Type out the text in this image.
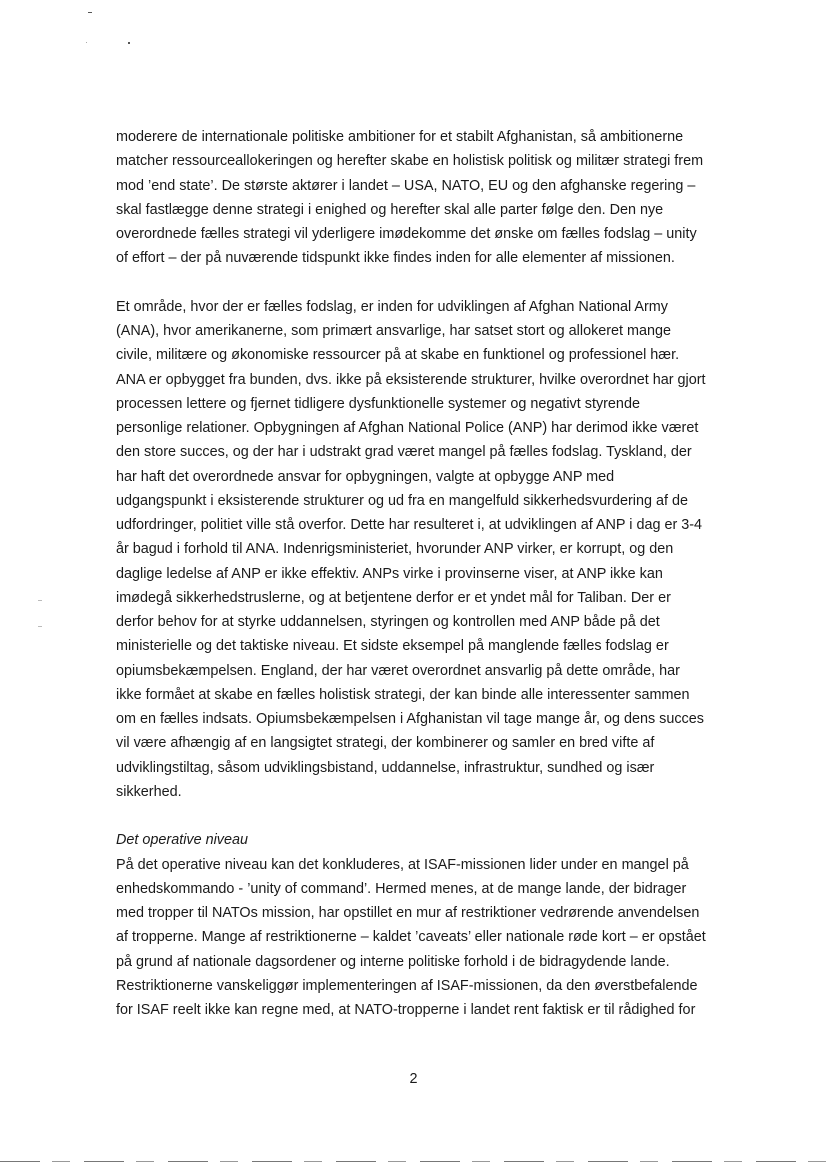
moderere de internationale politiske ambitioner for et stabilt Afghanistan, så ambitionerne
matcher ressourceallokeringen og herefter skabe en holistisk politisk og militær strategi frem
mod ’end state’. De største aktører i landet – USA, NATO, EU og den afghanske regering –
skal fastlægge denne strategi i enighed og herefter skal alle parter følge den. Den nye
overordnede fælles strategi vil yderligere imødekomme det ønske om fælles fodslag – unity
of effort – der på nuværende tidspunkt ikke findes inden for alle elementer af missionen.
Et område, hvor der er fælles fodslag, er inden for udviklingen af Afghan National Army
(ANA), hvor amerikanerne, som primært ansvarlige, har satset stort og allokeret mange
civile, militære og økonomiske ressourcer på at skabe en funktionel og professionel hær.
ANA er opbygget fra bunden, dvs. ikke på eksisterende strukturer, hvilke overordnet har gjort
processen lettere og fjernet tidligere dysfunktionelle systemer og negativt styrende
personlige relationer. Opbygningen af Afghan National Police (ANP) har derimod ikke været
den store succes, og der har i udstrakt grad været mangel på fælles fodslag. Tyskland, der
har haft det overordnede ansvar for opbygningen, valgte at opbygge ANP med
udgangspunkt i eksisterende strukturer og ud fra en mangelfuld sikkerhedsvurdering af de
udfordringer, politiet ville stå overfor. Dette har resulteret i, at udviklingen af ANP i dag er 3-4
år bagud i forhold til ANA. Indenrigsministeriet, hvorunder ANP virker, er korrupt, og den
daglige ledelse af ANP er ikke effektiv. ANPs virke i provinserne viser, at ANP ikke kan
imødegå sikkerhedstruslerne, og at betjentene derfor er et yndet mål for Taliban. Der er
derfor behov for at styrke uddannelsen, styringen og kontrollen med ANP både på det
ministerielle og det taktiske niveau. Et sidste eksempel på manglende fælles fodslag er
opiumsbekæmpelsen. England, der har været overordnet ansvarlig på dette område, har
ikke formået at skabe en fælles holistisk strategi, der kan binde alle interessenter sammen
om en fælles indsats. Opiumsbekæmpelsen i Afghanistan vil tage mange år, og dens succes
vil være afhængig af en langsigtet strategi, der kombinerer og samler en bred vifte af
udviklingstiltag, såsom udviklingsbistand, uddannelse, infrastruktur, sundhed og især
sikkerhed.
Det operative niveau
På det operative niveau kan det konkluderes, at ISAF-missionen lider under en mangel på
enhedskommando - ’unity of command’. Hermed menes, at de mange lande, der bidrager
med tropper til NATOs mission, har opstillet en mur af restriktioner vedrørende anvendelsen
af tropperne. Mange af restriktionerne – kaldet ’caveats’ eller nationale røde kort – er opstået
på grund af nationale dagsordener og interne politiske forhold i de bidragydende lande.
Restriktionerne vanskeliggør implementeringen af ISAF-missionen, da den øverstbefalende
for ISAF reelt ikke kan regne med, at NATO-tropperne i landet rent faktisk er til rådighed for
2
